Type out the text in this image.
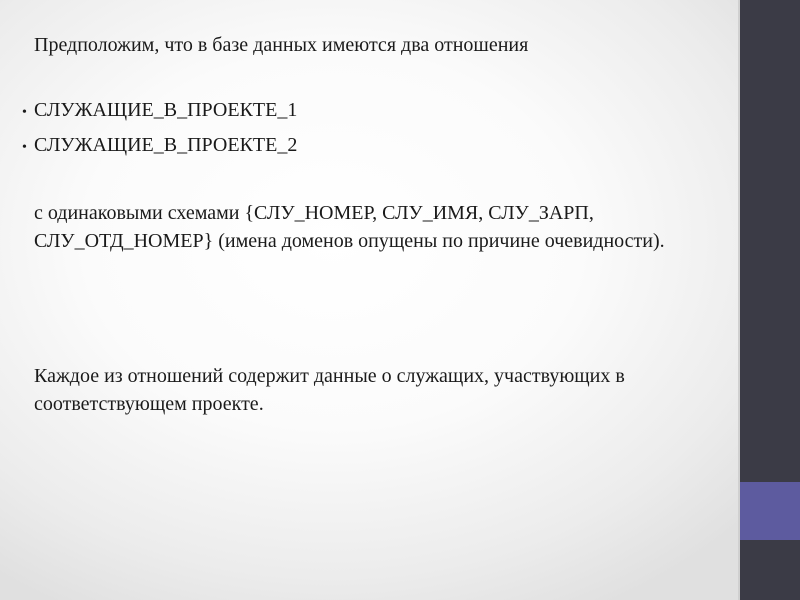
Предположим, что в базе данных имеются два отношения

• СЛУЖАЩИЕ_В_ПРОЕКТЕ_1
• СЛУЖАЩИЕ_В_ПРОЕКТЕ_2

с одинаковыми схемами {СЛУ_НОМЕР, СЛУ_ИМЯ, СЛУ_ЗАРП, СЛУ_ОТД_НОМЕР} (имена доменов опущены по причине очевидности).

Каждое из отношений содержит данные о служащих, участвующих в соответствующем проекте.
